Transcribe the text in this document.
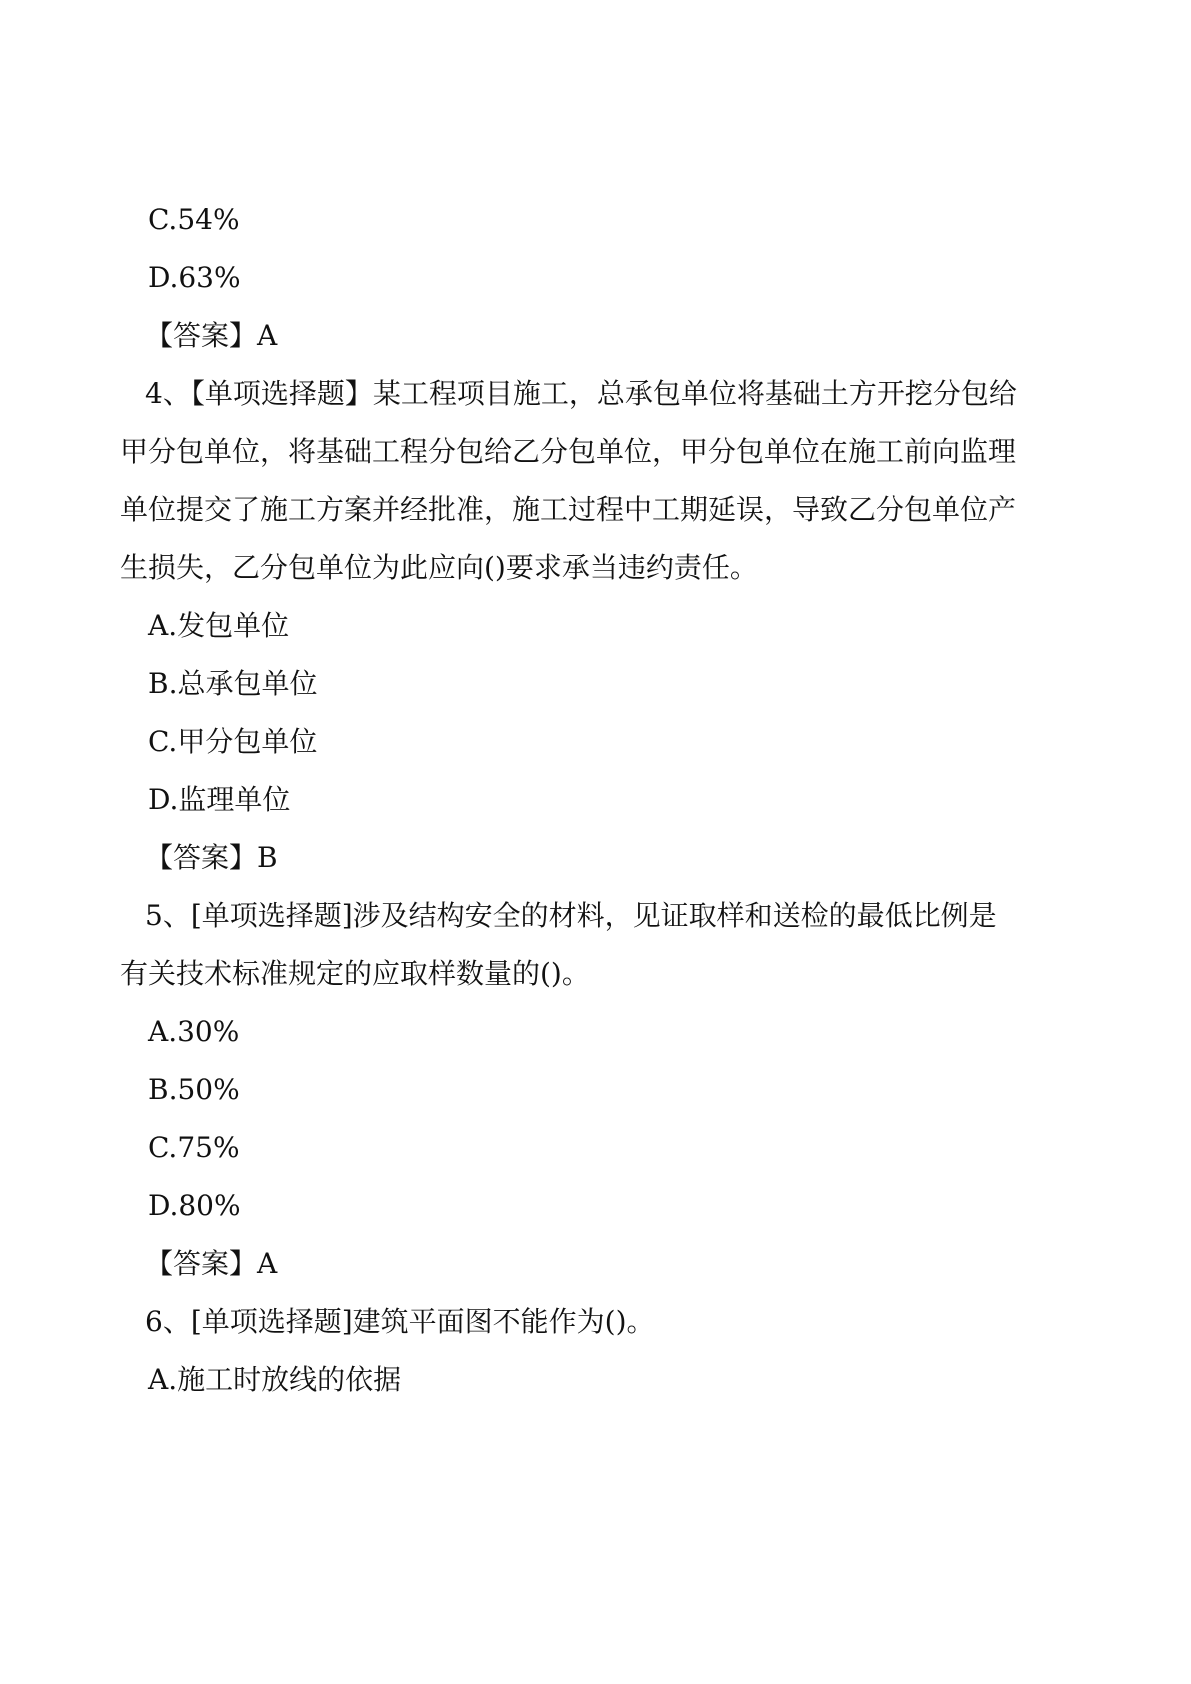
C.54%
D.63%
【答案】A
4、【单项选择题】某工程项目施工，总承包单位将基础土方开挖分包给
甲分包单位，将基础工程分包给乙分包单位，甲分包单位在施工前向监理
单位提交了施工方案并经批准，施工过程中工期延误，导致乙分包单位产
生损失，乙分包单位为此应向()要求承当违约责任。
A.发包单位
B.总承包单位
C.甲分包单位
D.监理单位
【答案】B
5、[单项选择题]涉及结构安全的材料，见证取样和送检的最低比例是
有关技术标准规定的应取样数量的()。
A.30%
B.50%
C.75%
D.80%
【答案】A
6、[单项选择题]建筑平面图不能作为()。
A.施工时放线的依据
